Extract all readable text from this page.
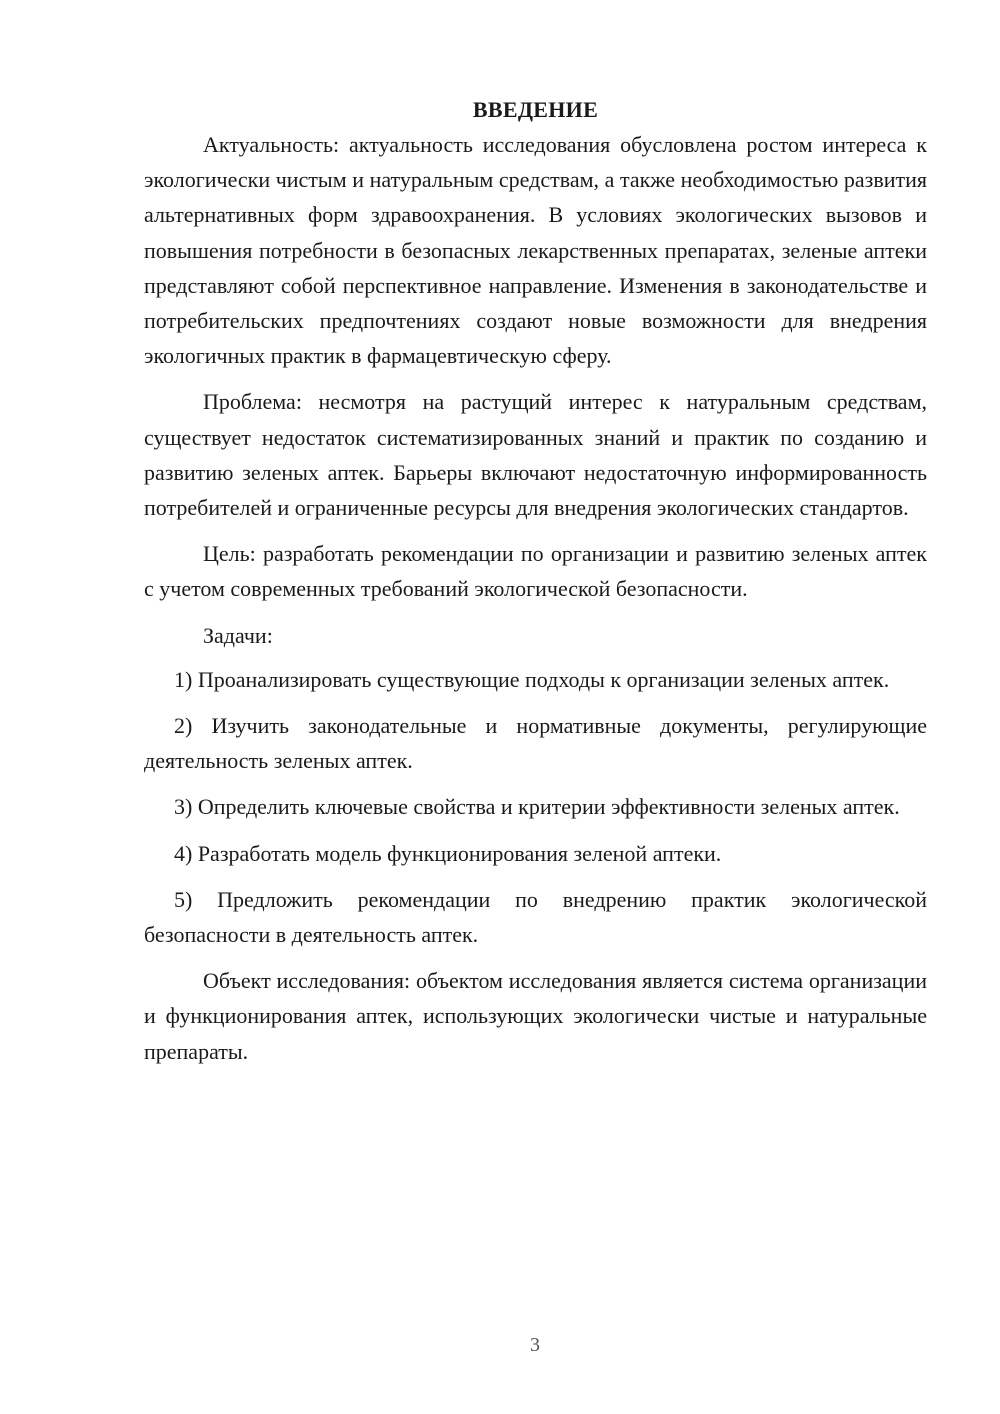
ВВЕДЕНИЕ

Актуальность: актуальность исследования обусловлена ростом интереса к экологически чистым и натуральным средствам, а также необходимостью развития альтернативных форм здравоохранения. В условиях экологических вызовов и повышения потребности в безопасных лекарственных препаратах, зеленые аптеки представляют собой перспективное направление. Изменения в законодательстве и потребительских предпочтениях создают новые возможности для внедрения экологичных практик в фармацевтическую сферу.

Проблема: несмотря на растущий интерес к натуральным средствам, существует недостаток систематизированных знаний и практик по созданию и развитию зеленых аптек. Барьеры включают недостаточную информированность потребителей и ограниченные ресурсы для внедрения экологических стандартов.

Цель: разработать рекомендации по организации и развитию зеленых аптек с учетом современных требований экологической безопасности.

Задачи:

1) Проанализировать существующие подходы к организации зеленых аптек.

2) Изучить законодательные и нормативные документы, регулирующие деятельность зеленых аптек.

3) Определить ключевые свойства и критерии эффективности зеленых аптек.

4) Разработать модель функционирования зеленой аптеки.

5) Предложить рекомендации по внедрению практик экологической безопасности в деятельность аптек.

Объект исследования: объектом исследования является система организации и функционирования аптек, использующих экологически чистые и натуральные препараты.

3
